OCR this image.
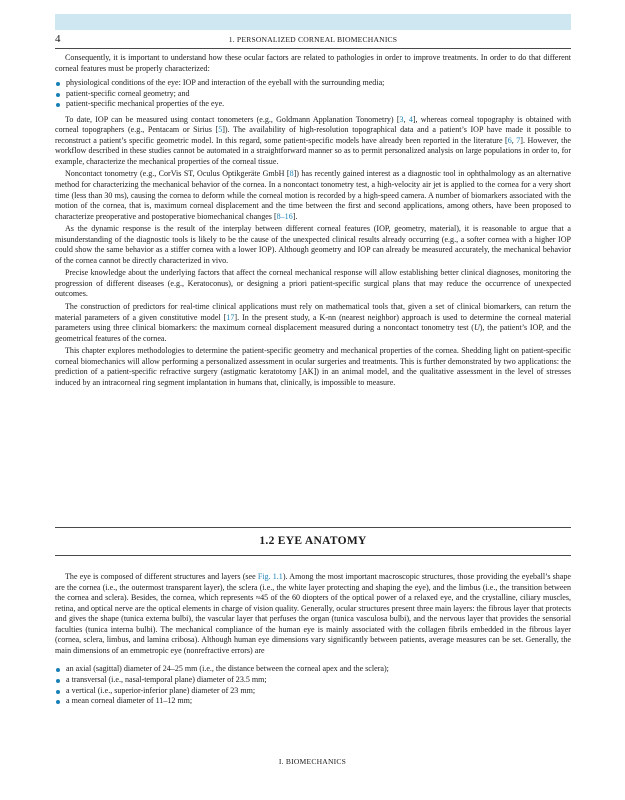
4	1. PERSONALIZED CORNEAL BIOMECHANICS

Consequently, it is important to understand how these ocular factors are related to pathologies in order to improve treatments. In order to do that different corneal features must be properly characterized:

physiological conditions of the eye: IOP and interaction of the eyeball with the surrounding media;
patient-specific corneal geometry; and
patient-specific mechanical properties of the eye.

To date, IOP can be measured using contact tonometers (e.g., Goldmann Applanation Tonometry) [3, 4], whereas corneal topography is obtained with corneal topographers (e.g., Pentacam or Sirius [5]). The availability of high-resolution topographical data and a patient’s IOP have made it possible to reconstruct a patient’s specific geometric model. In this regard, some patient-specific models have already been reported in the literature [6, 7]. However, the workflow described in these studies cannot be automated in a straightforward manner so as to permit personalized analysis on large populations in order to, for example, characterize the mechanical properties of the corneal tissue.

Noncontact tonometry (e.g., CorVis ST, Oculus Optikgeräte GmbH [8]) has recently gained interest as a diagnostic tool in ophthalmology as an alternative method for characterizing the mechanical behavior of the cornea. In a noncontact tonometry test, a high-velocity air jet is applied to the cornea for a very short time (less than 30 ms), causing the cornea to deform while the corneal motion is recorded by a high-speed camera. A number of biomarkers associated with the motion of the cornea, that is, maximum corneal displacement and the time between the first and second applications, among others, have been proposed to characterize preoperative and postoperative biomechanical changes [8–16].

As the dynamic response is the result of the interplay between different corneal features (IOP, geometry, material), it is reasonable to argue that a misunderstanding of the diagnostic tools is likely to be the cause of the unexpected clinical results already occurring (e.g., a softer cornea with a higher IOP could show the same behavior as a stiffer cornea with a lower IOP). Although geometry and IOP can already be measured accurately, the mechanical behavior of the cornea cannot be directly characterized in vivo.

Precise knowledge about the underlying factors that affect the corneal mechanical response will allow establishing better clinical diagnoses, monitoring the progression of different diseases (e.g., Keratoconus), or designing a priori patient-specific surgical plans that may reduce the occurrence of unexpected outcomes.

The construction of predictors for real-time clinical applications must rely on mathematical tools that, given a set of clinical biomarkers, can return the material parameters of a given constitutive model [17]. In the present study, a K-nn (nearest neighbor) approach is used to determine the corneal material parameters using three clinical biomarkers: the maximum corneal displacement measured during a noncontact tonometry test (U), the patient’s IOP, and the geometrical features of the cornea.

This chapter explores methodologies to determine the patient-specific geometry and mechanical properties of the cornea. Shedding light on patient-specific corneal biomechanics will allow performing a personalized assessment in ocular surgeries and treatments. This is further demonstrated by two applications: the prediction of a patient-specific refractive surgery (astigmatic keratotomy [AK]) in an animal model, and the qualitative assessment in the level of stresses induced by an intracorneal ring segment implantation in humans that, clinically, is impossible to measure.

1.2 EYE ANATOMY

The eye is composed of different structures and layers (see Fig. 1.1). Among the most important macroscopic structures, those providing the eyeball’s shape are the cornea (i.e., the outermost transparent layer), the sclera (i.e., the white layer protecting and shaping the eye), and the limbus (i.e., the transition between the cornea and sclera). Besides, the cornea, which represents ≈45 of the 60 diopters of the optical power of a relaxed eye, and the crystalline, ciliary muscles, retina, and optical nerve are the optical elements in charge of vision quality. Generally, ocular structures present three main layers: the fibrous layer that protects and gives the shape (tunica externa bulbi), the vascular layer that perfuses the organ (tunica vasculosa bulbi), and the nervous layer that provides the sensorial faculties (tunica interna bulbi). The mechanical compliance of the human eye is mainly associated with the collagen fibrils embedded in the fibrous layer (cornea, sclera, limbus, and lamina cribosa). Although human eye dimensions vary significantly between patients, average measures can be set. Generally, the main dimensions of an emmetropic eye (nonrefractive errors) are

an axial (sagittal) diameter of 24–25 mm (i.e., the distance between the corneal apex and the sclera);
a transversal (i.e., nasal-temporal plane) diameter of 23.5 mm;
a vertical (i.e., superior-inferior plane) diameter of 23 mm;
a mean corneal diameter of 11–12 mm;
I. BIOMECHANICS
